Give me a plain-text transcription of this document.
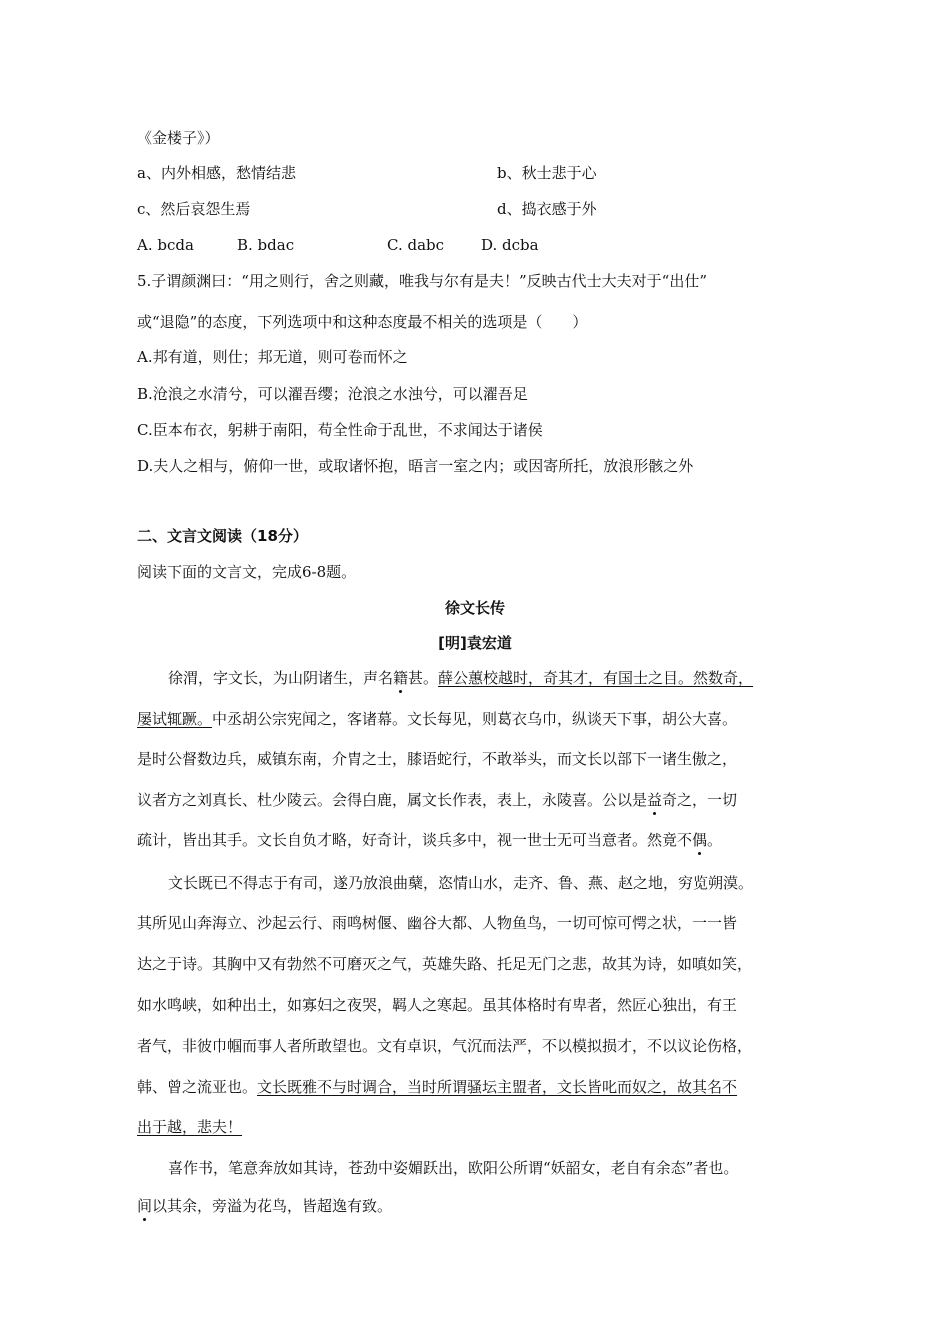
《金楼子》）
a、内外相感，愁情结悲	b、秋士悲于心
c、然后哀怨生焉	d、捣衣感于外
A. bcda	B. bdac	C. dabc D. dcba
5.子谓颜渊曰：“用之则行，舍之则藏，唯我与尔有是夫！”反映古代士大夫对于“出仕”
或“退隐”的态度，下列选项中和这种态度最不相关的选项是（　　）
A.邦有道，则仕；邦无道，则可卷而怀之
B.沧浪之水清兮，可以濯吾缨；沧浪之水浊兮，可以濯吾足
C.臣本布衣，躬耕于南阳，苟全性命于乱世，不求闻达于诸侯
D.夫人之相与，俯仰一世，或取诸怀抱，晤言一室之内；或因寄所托，放浪形骸之外
二、文言文阅读（18分）
阅读下面的文言文，完成6-8题。
徐文长传
[明]袁宏道
徐渭，字文长，为山阴诸生，声名籍甚。薛公蕙校越时，奇其才，有国士之目。然数奇，
屡试辄蹶。中丞胡公宗宪闻之，客诸幕。文长每见，则葛衣乌巾，纵谈天下事，胡公大喜。
是时公督数边兵，威镇东南，介胄之士，膝语蛇行，不敢举头，而文长以部下一诸生傲之，
议者方之刘真长、杜少陵云。会得白鹿，属文长作表，表上，永陵喜。公以是益奇之，一切
疏计，皆出其手。文长自负才略，好奇计，谈兵多中，视一世士无可当意者。然竟不偶。
文长既已不得志于有司，遂乃放浪曲蘖，恣情山水，走齐、鲁、燕、赵之地，穷览朔漠。
其所见山奔海立、沙起云行、雨鸣树偃、幽谷大都、人物鱼鸟，一切可惊可愕之状，一一皆
达之于诗。其胸中又有勃然不可磨灭之气，英雄失路、托足无门之悲，故其为诗，如嗔如笑，
如水鸣峡，如种出土，如寡妇之夜哭，羁人之寒起。虽其体格时有卑者，然匠心独出，有王
者气，非彼巾帼而事人者所敢望也。文有卓识，气沉而法严，不以模拟损才，不以议论伤格，
韩、曾之流亚也。文长既雅不与时调合，当时所谓骚坛主盟者，文长皆叱而奴之，故其名不
出于越，悲夫！
喜作书，笔意奔放如其诗，苍劲中姿媚跃出，欧阳公所谓“妖韶女，老自有余态”者也。
间以其余，旁溢为花鸟，皆超逸有致。
